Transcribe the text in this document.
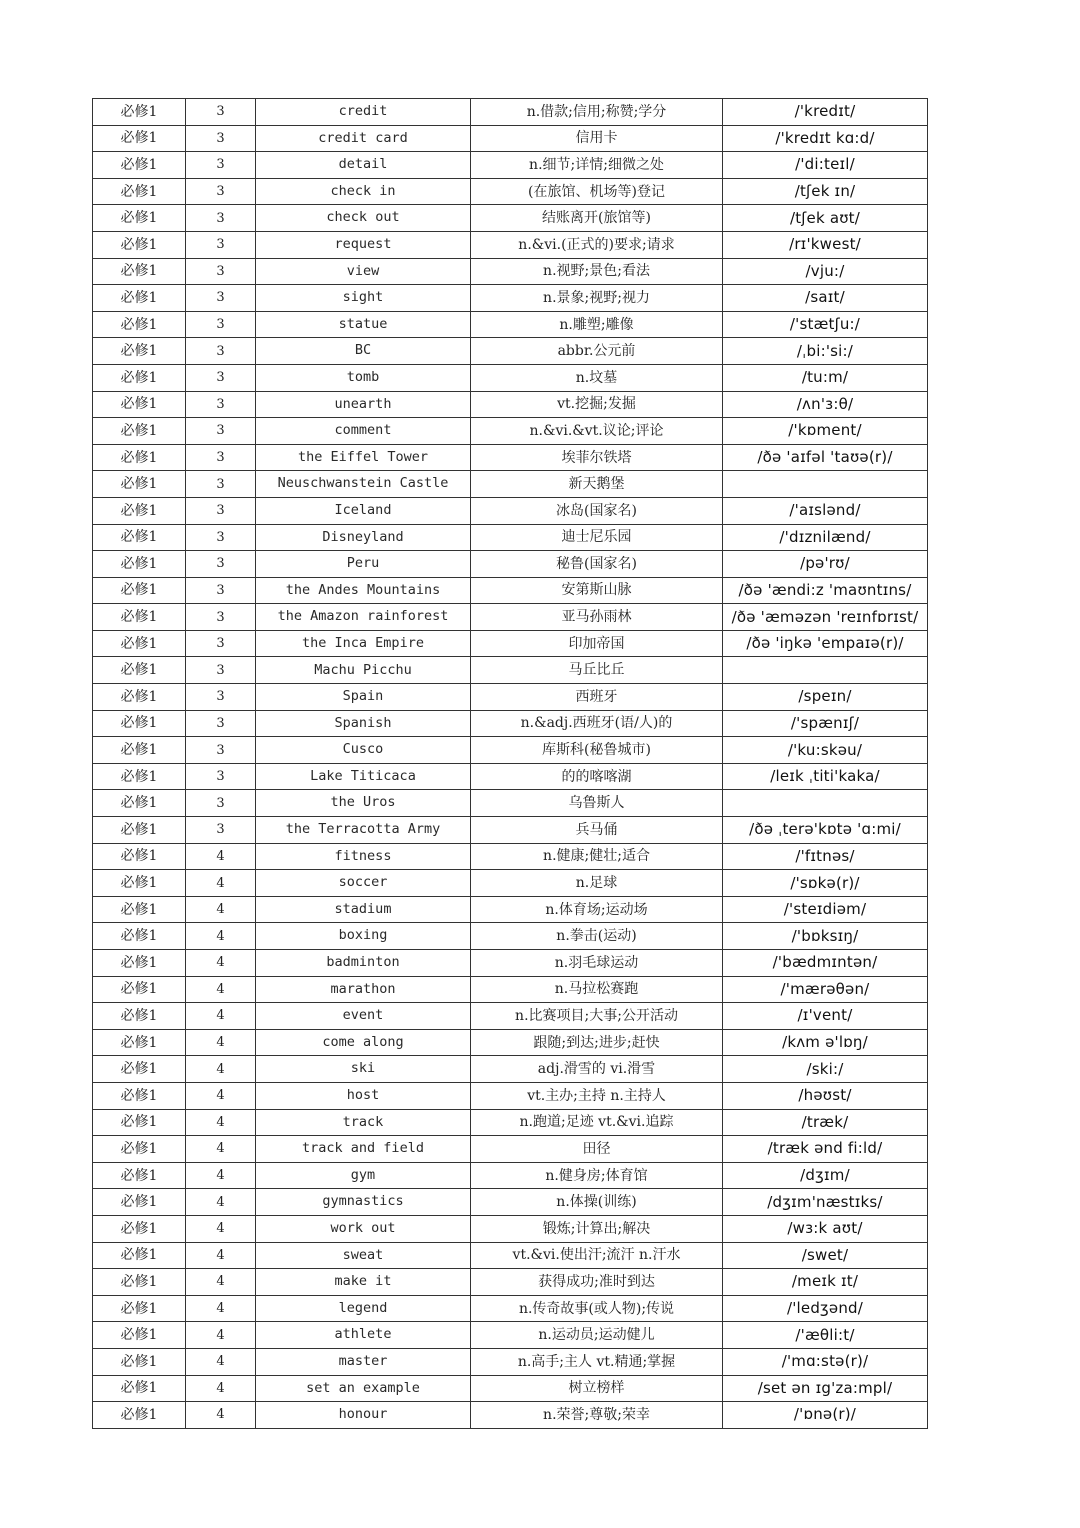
必修1	3	credit	n.借款;信用;称赞;学分	/'kredɪt/
必修1	3	credit card	信用卡	/'kredɪt kɑ:d/
必修1	3	detail	n.细节;详情;细微之处	/'di:teɪl/
必修1	3	check in	(在旅馆、机场等)登记	/tʃek ɪn/
必修1	3	check out	结账离开(旅馆等)	/tʃek aʊt/
必修1	3	request	n.&vi.(正式的)要求;请求	/rɪ'kwest/
必修1	3	view	n.视野;景色;看法	/vju:/
必修1	3	sight	n.景象;视野;视力	/saɪt/
必修1	3	statue	n.雕塑;雕像	/'stætʃu:/
必修1	3	BC	abbr.公元前	/ˌbi:'si:/
必修1	3	tomb	n.坟墓	/tu:m/
必修1	3	unearth	vt.挖掘;发掘	/ʌn'ɜ:θ/
必修1	3	comment	n.&vi.&vt.议论;评论	/'kɒment/
必修1	3	the Eiffel Tower	埃菲尔铁塔	/ðə 'aɪfəl 'taʊə(r)/
必修1	3	Neuschwanstein Castle	新天鹅堡	
必修1	3	Iceland	冰岛(国家名)	/'aɪslənd/
必修1	3	Disneyland	迪士尼乐园	/'dɪznilænd/
必修1	3	Peru	秘鲁(国家名)	/pə'rʊ/
必修1	3	the Andes Mountains	安第斯山脉	/ðə 'ændi:z 'maʊntɪns/
必修1	3	the Amazon rainforest	亚马孙雨林	/ðə 'æməzən 'reɪnfɒrɪst/
必修1	3	the Inca Empire	印加帝国	/ðə 'iŋkə 'empaɪə(r)/
必修1	3	Machu Picchu	马丘比丘	
必修1	3	Spain	西班牙	/speɪn/
必修1	3	Spanish	n.&adj.西班牙(语/人)的	/'spænɪʃ/
必修1	3	Cusco	库斯科(秘鲁城市)	/'ku:skəu/
必修1	3	Lake Titicaca	的的喀喀湖	/leɪk ˌtiti'kaka/
必修1	3	the Uros	乌鲁斯人	
必修1	3	the Terracotta Army	兵马俑	/ðə ˌterə'kɒtə 'ɑ:mi/
必修1	4	fitness	n.健康;健壮;适合	/'fɪtnəs/
必修1	4	soccer	n.足球	/'sɒkə(r)/
必修1	4	stadium	n.体育场;运动场	/'steɪdiəm/
必修1	4	boxing	n.拳击(运动)	/'bɒksɪŋ/
必修1	4	badminton	n.羽毛球运动	/'bædmɪntən/
必修1	4	marathon	n.马拉松赛跑	/'mærəθən/
必修1	4	event	n.比赛项目;大事;公开活动	/ɪ'vent/
必修1	4	come along	跟随;到达;进步;赶快	/kʌm ə'lɒŋ/
必修1	4	ski	adj.滑雪的 vi.滑雪	/ski:/
必修1	4	host	vt.主办;主持 n.主持人	/həʊst/
必修1	4	track	n.跑道;足迹 vt.&vi.追踪	/træk/
必修1	4	track and field	田径	/træk ənd fi:ld/
必修1	4	gym	n.健身房;体育馆	/dʒɪm/
必修1	4	gymnastics	n.体操(训练)	/dʒɪm'næstɪks/
必修1	4	work out	锻炼;计算出;解决	/wɜ:k aʊt/
必修1	4	sweat	vt.&vi.使出汗;流汗 n.汗水	/swet/
必修1	4	make it	获得成功;准时到达	/meɪk ɪt/
必修1	4	legend	n.传奇故事(或人物);传说	/'ledʒənd/
必修1	4	athlete	n.运动员;运动健儿	/'æθli:t/
必修1	4	master	n.高手;主人 vt.精通;掌握	/'mɑ:stə(r)/
必修1	4	set an example	树立榜样	/set ən ɪg'za:mpl/
必修1	4	honour	n.荣誉;尊敬;荣幸	/'ɒnə(r)/
